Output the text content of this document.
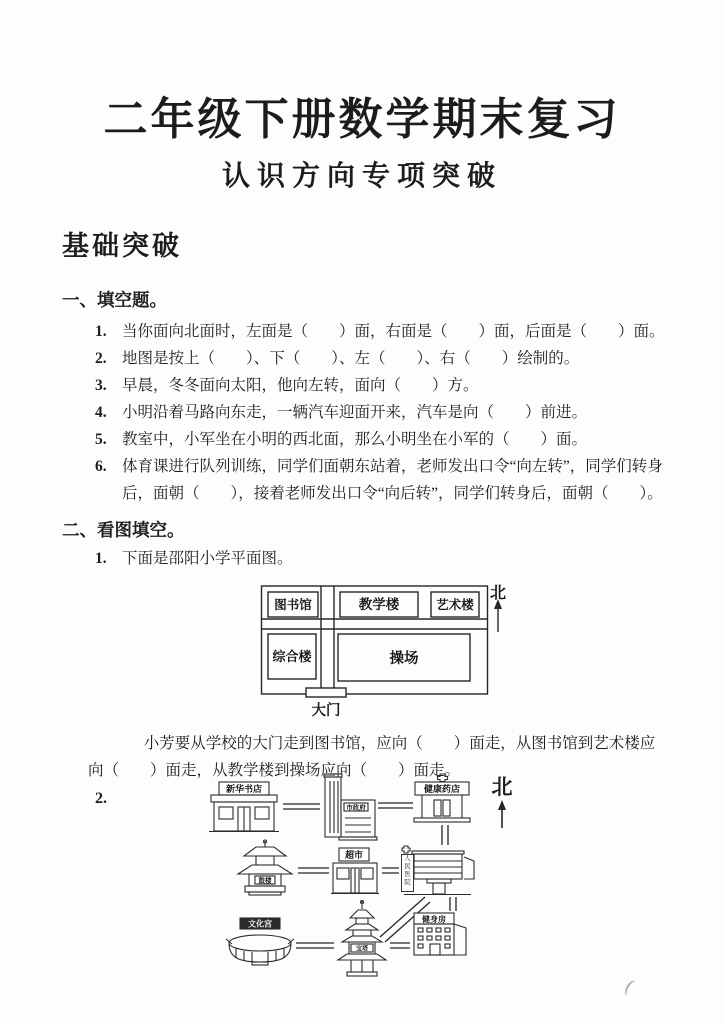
二年级下册数学期末复习
认识方向专项突破
基础突破
一、填空题。
1. 当你面向北面时，左面是（　　）面，右面是（　　）面，后面是（　　）面。
2. 地图是按上（　　）、下（　　）、左（　　）、右（　　）绘制的。
3. 早晨，冬冬面向太阳，他向左转，面向（　　）方。
4. 小明沿着马路向东走，一辆汽车迎面开来，汽车是向（　　）前进。
5. 教室中，小军坐在小明的西北面，那么小明坐在小军的（　　）面。
6. 体育课进行队列训练，同学们面朝东站着，老师发出口令“向左转”，同学们转身后，面朝（　　），接着老师发出口令“向后转”，同学们转身后，面朝（　　）。
二、看图填空。
1. 下面是邵阳小学平面图。
图书馆	教学楼	艺术楼
综合楼	操场
大门
北
小芳要从学校的大门走到图书馆，应向（　　）面走，从图书馆到艺术楼应向（　　）面走，从教学楼到操场应向（　　）面走。
2.
新华书店
市政府
健康药店	北
鼓楼
超市	人民医院
文化宫
宝塔
健身房
